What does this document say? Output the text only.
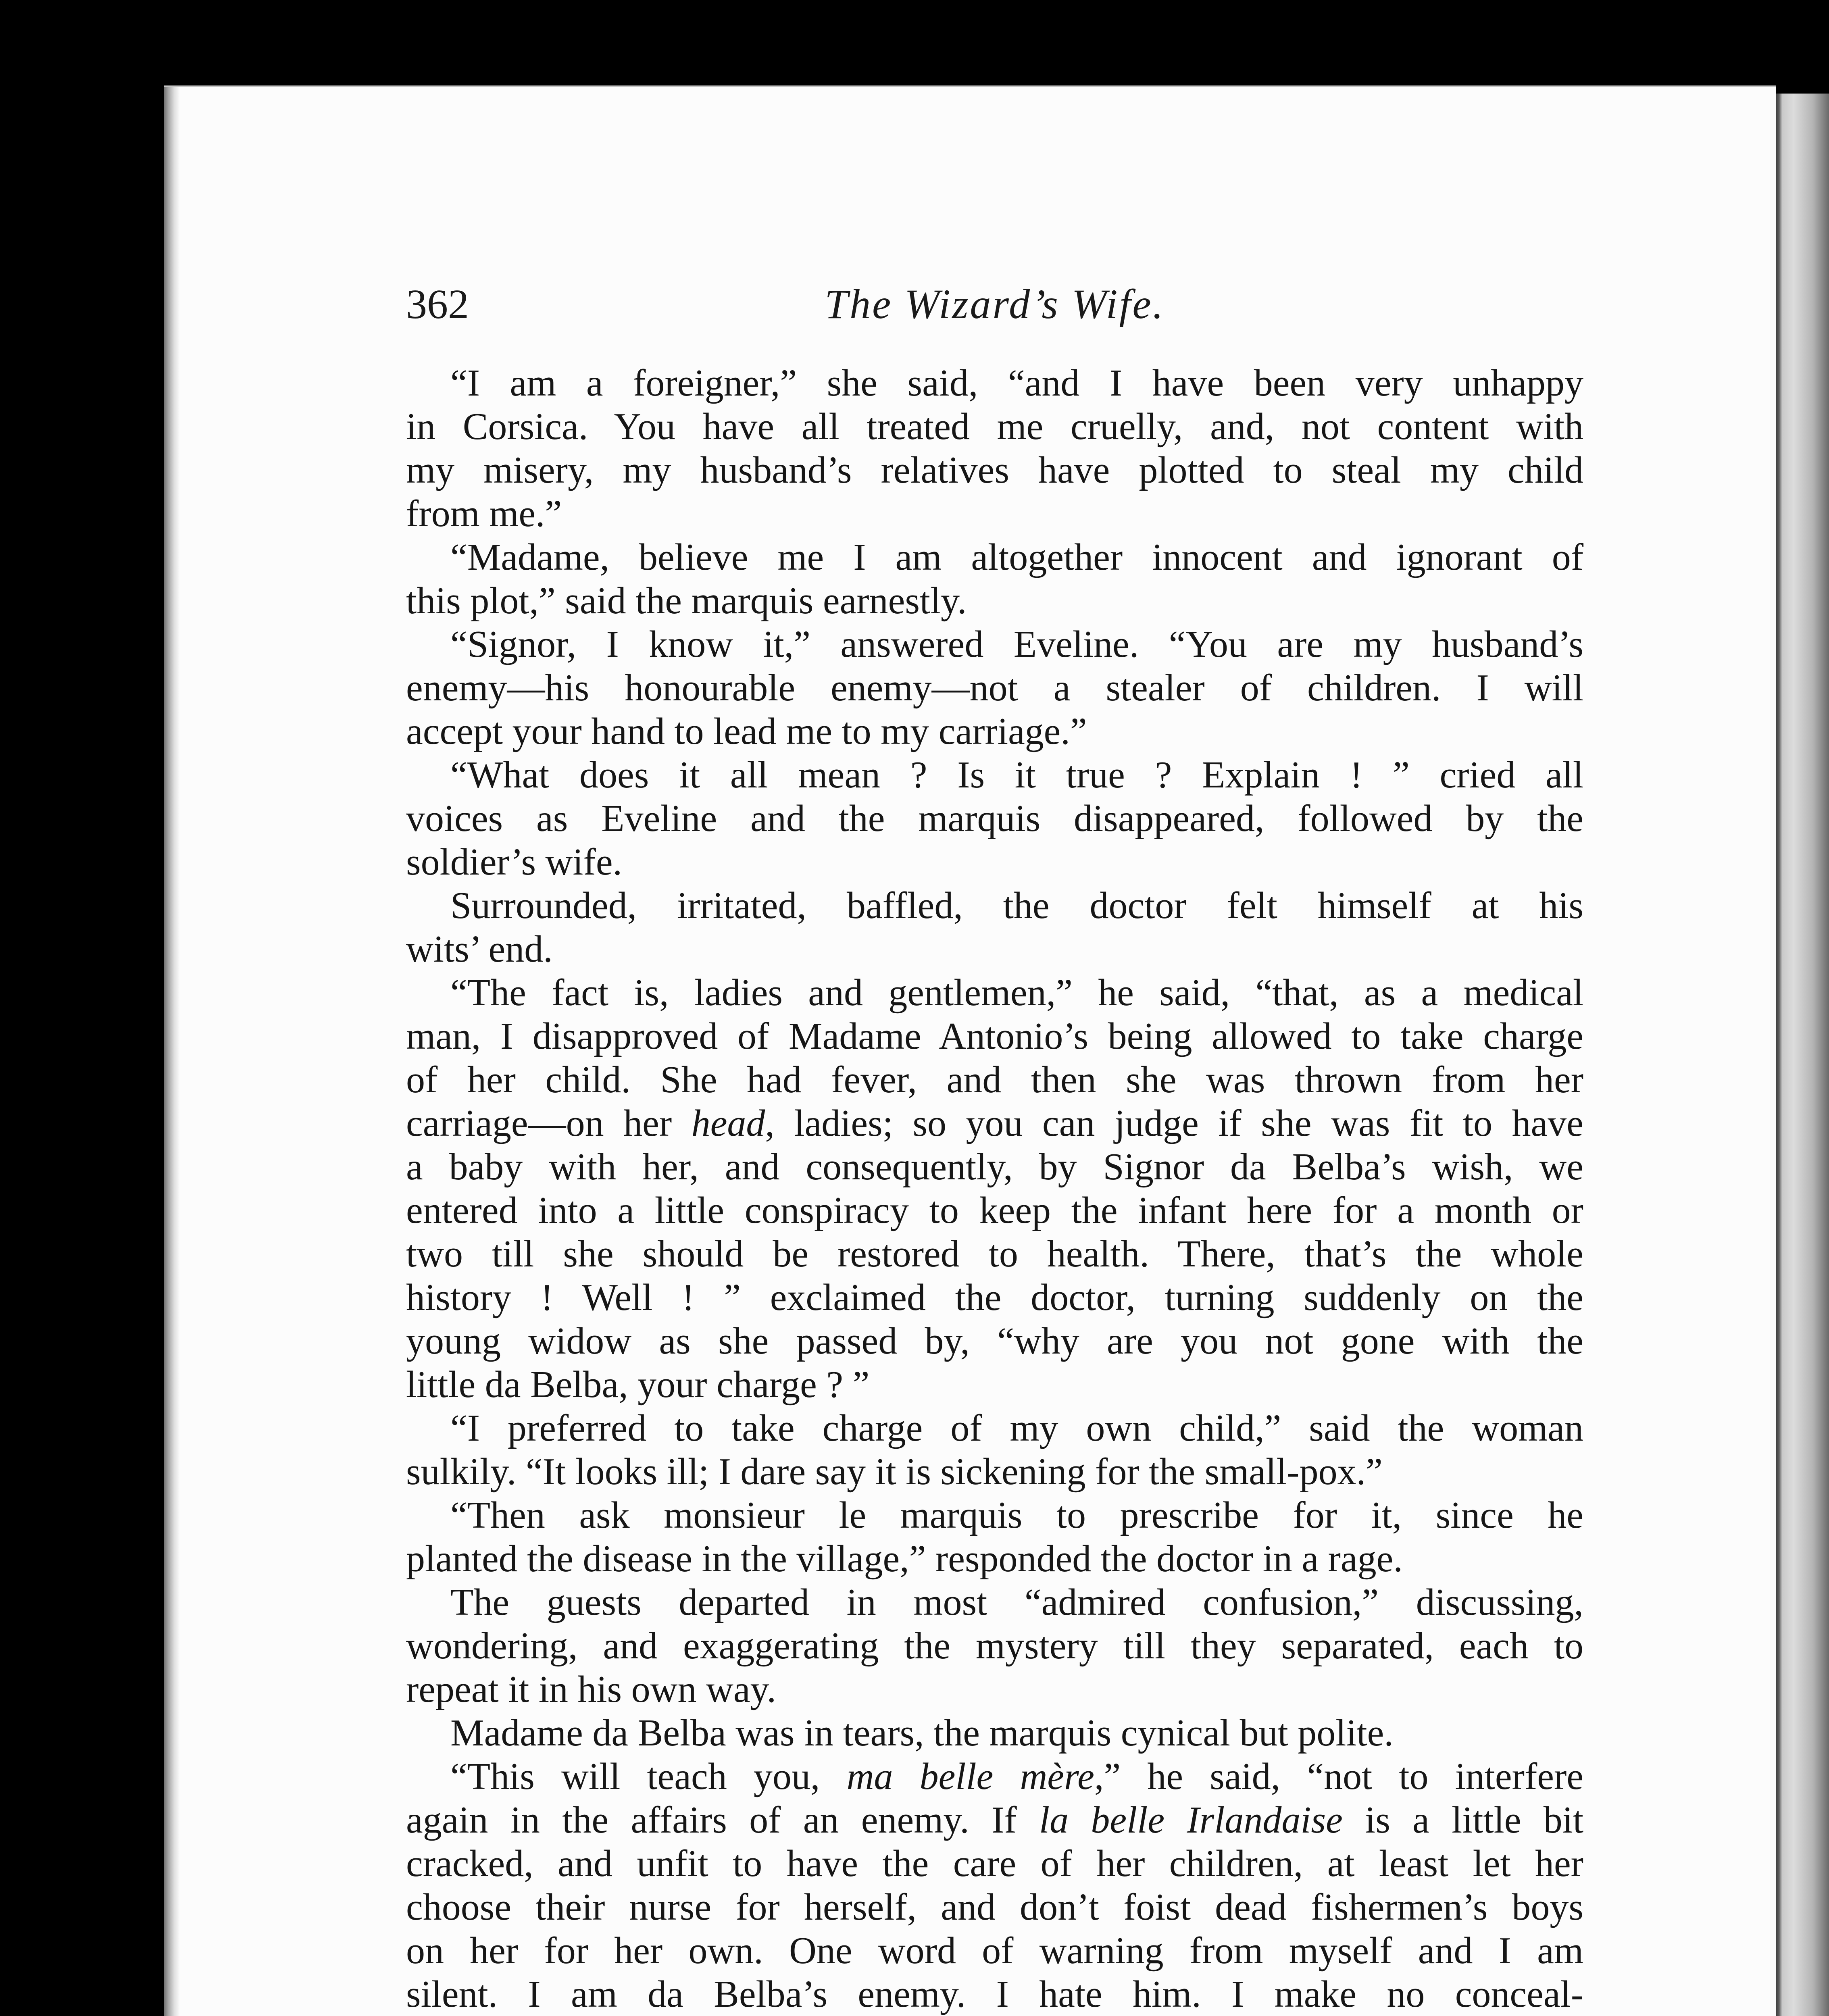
362	The Wizard’s Wife.
“I am a foreigner,” she said, “and I have been very unhappy
in Corsica. You have all treated me cruelly, and, not content with
my misery, my husband’s relatives have plotted to steal my child
from me.”
“Madame, believe me I am altogether innocent and ignorant of
this plot,” said the marquis earnestly.
“Signor, I know it,” answered Eveline. “You are my husband’s
enemy—his honourable enemy—not a stealer of children. I will
accept your hand to lead me to my carriage.”
“What does it all mean ? Is it true ? Explain ! ” cried all
voices as Eveline and the marquis disappeared, followed by the
soldier’s wife.
Surrounded, irritated, baffled, the doctor felt himself at his
wits’ end.
“The fact is, ladies and gentlemen,” he said, “that, as a medical
man, I disapproved of Madame Antonio’s being allowed to take charge
of her child. She had fever, and then she was thrown from her
carriage—on her head, ladies; so you can judge if she was fit to have
a baby with her, and consequently, by Signor da Belba’s wish, we
entered into a little conspiracy to keep the infant here for a month or
two till she should be restored to health. There, that’s the whole
history ! Well ! ” exclaimed the doctor, turning suddenly on the
young widow as she passed by, “why are you not gone with the
little da Belba, your charge ? ”
“I preferred to take charge of my own child,” said the woman
sulkily. “It looks ill; I dare say it is sickening for the small-pox.”
“Then ask monsieur le marquis to prescribe for it, since he
planted the disease in the village,” responded the doctor in a rage.
The guests departed in most “admired confusion,” discussing,
wondering, and exaggerating the mystery till they separated, each to
repeat it in his own way.
Madame da Belba was in tears, the marquis cynical but polite.
“This will teach you, ma belle mère,” he said, “not to interfere
again in the affairs of an enemy. If la belle Irlandaise is a little bit
cracked, and unfit to have the care of her children, at least let her
choose their nurse for herself, and don’t foist dead fishermen’s boys
on her for her own. One word of warning from myself and I am
silent. I am da Belba’s enemy. I hate him. I make no conceal-
